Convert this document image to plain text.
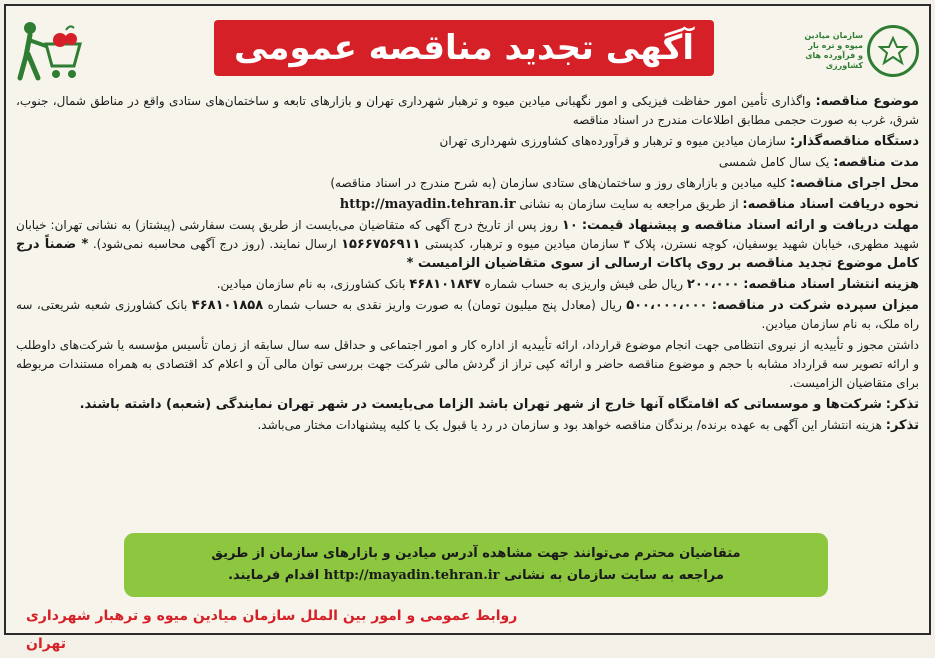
آگهی تجدید مناقصه عمومی	سازمان میادین میوه و تره بار و فرآورده های کشاورزی

موضوع مناقصه: واگذاری تأمین امور حفاظت فیزیکی و امور نگهبانی میادین میوه و ترهبار شهرداری تهران و بازارهای تابعه و ساختمان‌های ستادی واقع در مناطق شمال، جنوب، شرق، غرب به صورت حجمی مطابق اطلاعات مندرج در اسناد مناقصه

دستگاه مناقصه‌گذار: سازمان میادین میوه و ترهبار و فرآورده‌های کشاورزی شهرداری تهران

مدت مناقصه: یک سال کامل شمسی

محل اجرای مناقصه: کلیه میادین و بازارهای روز و ساختمان‌های ستادی سازمان (به شرح مندرج در اسناد مناقصه)

نحوه دریافت اسناد مناقصه: از طریق مراجعه به سایت سازمان به نشانی http://mayadin.tehran.ir

مهلت دریافت و ارائه اسناد مناقصه و پیشنهاد قیمت: ۱۰ روز پس از تاریخ درج آگهی که متقاضیان می‌بایست از طریق پست سفارشی (پیشتاز) به نشانی تهران: خیابان شهید مطهری، خیابان شهید یوسفیان، کوچه نسترن، پلاک ۳ سازمان میادین میوه و ترهبار، کدپستی ۱۵۶۶۷۵۶۹۱۱ ارسال نمایند. (روز درج آگهی محاسبه نمی‌شود). * ضمناً درج کامل موضوع تجدید مناقصه بر روی پاکات ارسالی از سوی متقاضیان الزامیست *

هزینه انتشار اسناد مناقصه: ۲۰۰،۰۰۰ ریال طی فیش واریزی به حساب شماره ۴۶۸۱۰۱۸۴۷ بانک کشاورزی، به نام سازمان میادین.

میزان سپرده شرکت در مناقصه: ۵۰۰،۰۰۰،۰۰۰ ریال (معادل پنج میلیون تومان) به صورت واریز نقدی به حساب شماره ۴۶۸۱۰۱۸۵۸ بانک کشاورزی شعبه شریعتی، سه راه ملک، به نام سازمان میادین.

داشتن مجوز و تأییدیه از نیروی انتظامی جهت انجام موضوع قرارداد، ارائه تأییدیه از اداره کار و امور اجتماعی و حداقل سه سال سابقه از زمان تأسیس مؤسسه یا شرکت‌های داوطلب و ارائه تصویر سه قرارداد مشابه با حجم و موضوع مناقصه حاضر و ارائه کپی تراز از گردش مالی شرکت جهت بررسی توان مالی آن و اعلام کد اقتصادی به همراه مستندات مربوطه برای متقاضیان الزامیست.

تذکر: شرکت‌ها و موسساتی که اقامتگاه آنها خارج از شهر تهران باشد الزاما می‌بایست در شهر تهران نمایندگی (شعبه) داشته باشند.

تذکر: هزینه انتشار این آگهی به عهده برنده/ برندگان مناقصه خواهد بود و سازمان در رد یا قبول یک یا کلیه پیشنهادات مختار می‌باشد.

متقاضیان محترم می‌توانند جهت مشاهده آدرس میادین و بازارهای سازمان از طریق
مراجعه به سایت سازمان به نشانی http://mayadin.tehran.ir اقدام فرمایند.
روابط عمومی و امور بین الملل سازمان میادین میوه و ترهبار شهرداری تهران
